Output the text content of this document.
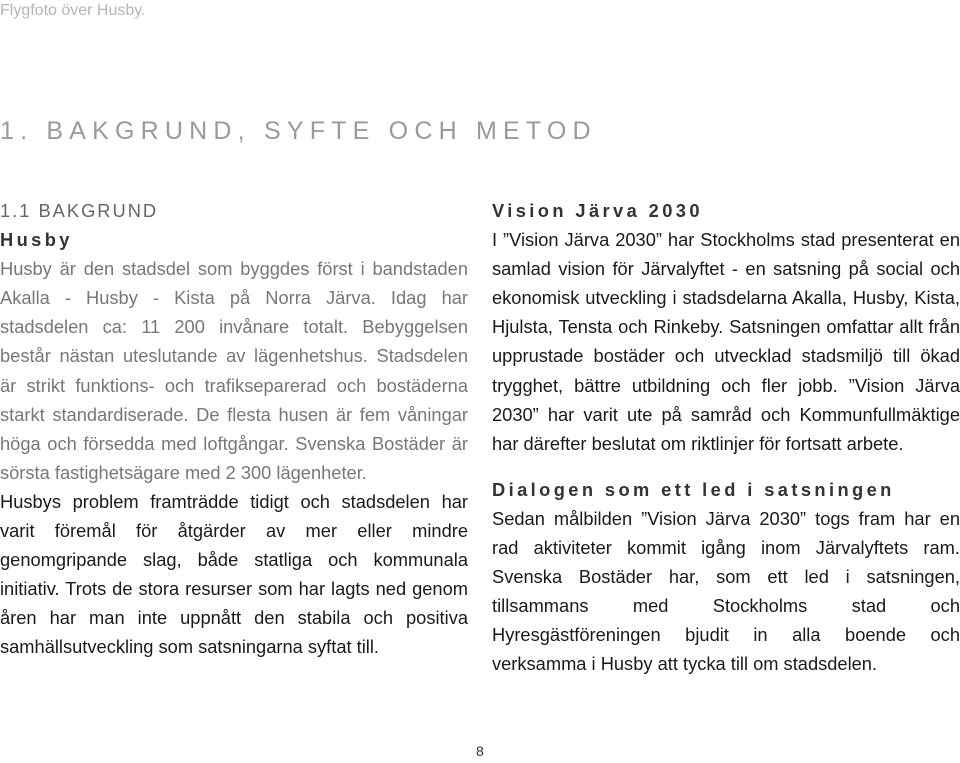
Flygfoto över Husby.
1. BAKGRUND, SYFTE OCH METOD
1.1 BAKGRUND
Husby
Husby är den stadsdel som byggdes först i bandstaden Akalla - Husby - Kista på Norra Järva. Idag har stadsdelen ca: 11 200 invånare totalt. Bebyggelsen består nästan uteslutande av lägenhetshus. Stadsdelen är strikt funktions- och trafikseparerad och bostäderna starkt standardiserade. De flesta husen är fem våningar höga och försedda med loftgångar. Svenska Bostäder är sörsta fastighetsägare med 2 300 lägenheter.
Husbys problem framträdde tidigt och stadsdelen har varit föremål för åtgärder av mer eller mindre genomgripande slag, både statliga och kommunala initiativ. Trots de stora resurser som har lagts ned genom åren har man inte uppnått den stabila och positiva samhällsutveckling som satsningarna syftat till.
Vision Järva 2030
I ”Vision Järva 2030” har Stockholms stad presenterat en samlad vision för Järvalyftet - en satsning på social och ekonomisk utveckling i stadsdelarna Akalla, Husby, Kista, Hjulsta, Tensta och Rinkeby. Satsningen omfattar allt från upprustade bostäder och utvecklad stadsmiljö till ökad trygghet, bättre utbildning och fler jobb. ”Vision Järva 2030” har varit ute på samråd och Kommunfullmäktige har därefter beslutat om riktlinjer för fortsatt arbete.
Dialogen som ett led i satsningen
Sedan målbilden ”Vision Järva 2030” togs fram har en rad aktiviteter kommit igång inom Järvalyftets ram. Svenska Bostäder har, som ett led i satsningen, tillsammans med Stockholms stad och Hyresgästföreningen bjudit in alla boende och verksamma i Husby att tycka till om stadsdelen.
8
